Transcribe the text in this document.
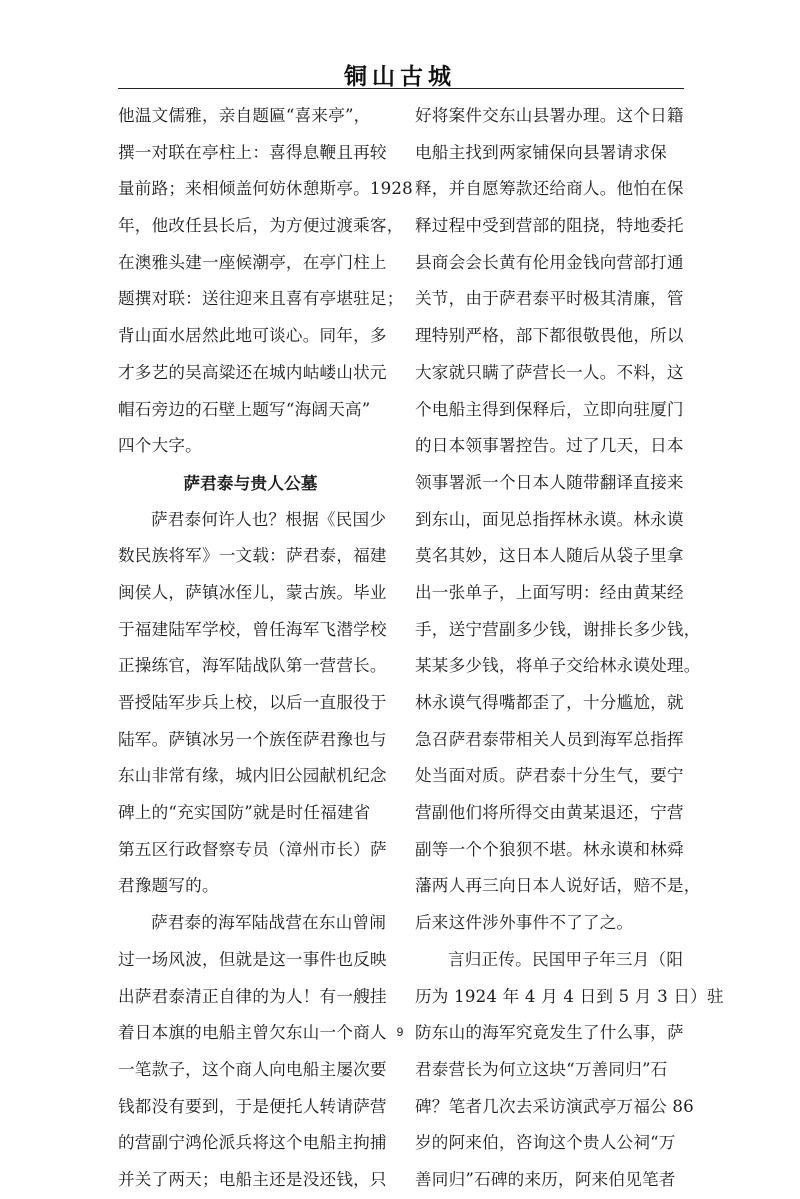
铜山古城
他温文儒雅，亲自题匾“喜来亭”，
撰一对联在亭柱上：喜得息鞭且再较
量前路；来相倾盖何妨休憩斯亭。1928
年，他改任县长后，为方便过渡乘客，
在澳雅头建一座候潮亭，在亭门柱上
题撰对联：送往迎来且喜有亭堪驻足；
背山面水居然此地可谈心。同年，多
才多艺的吴高粱还在城内岵嵝山状元
帽石旁边的石壁上题写“海阔天高”
四个大字。
萨君泰与贵人公墓
萨君泰何许人也？根据《民国少
数民族将军》一文载：萨君泰，福建
闽侯人，萨镇冰侄儿，蒙古族。毕业
于福建陆军学校，曾任海军飞潜学校
正操练官，海军陆战队第一营营长。
晋授陆军步兵上校，以后一直服役于
陆军。萨镇冰另一个族侄萨君豫也与
东山非常有缘，城内旧公园献机纪念
碑上的“充实国防”就是时任福建省
第五区行政督察专员（漳州市长）萨
君豫题写的。
萨君泰的海军陆战营在东山曾闹
过一场风波，但就是这一事件也反映
出萨君泰清正自律的为人！有一艘挂
着日本旗的电船主曾欠东山一个商人
一笔款子，这个商人向电船主屡次要
钱都没有要到，于是便托人转请萨营
的营副宁鸿伦派兵将这个电船主拘捕
并关了两天；电船主还是没还钱，只
好将案件交东山县署办理。这个日籍
电船主找到两家铺保向县署请求保
释，并自愿筹款还给商人。他怕在保
释过程中受到营部的阻挠，特地委托
县商会会长黄有伦用金钱向营部打通
关节，由于萨君泰平时极其清廉，管
理特别严格，部下都很敬畏他，所以
大家就只瞒了萨营长一人。不料，这
个电船主得到保释后，立即向驻厦门
的日本领事署控告。过了几天，日本
领事署派一个日本人随带翻译直接来
到东山，面见总指挥林永谟。林永谟
莫名其妙，这日本人随后从袋子里拿
出一张单子，上面写明：经由黄某经
手，送宁营副多少钱，谢排长多少钱，
某某多少钱，将单子交给林永谟处理。
林永谟气得嘴都歪了，十分尴尬，就
急召萨君泰带相关人员到海军总指挥
处当面对质。萨君泰十分生气，要宁
营副他们将所得交由黄某退还，宁营
副等一个个狼狈不堪。林永谟和林舜
藩两人再三向日本人说好话，赔不是，
后来这件涉外事件不了了之。
言归正传。民国甲子年三月（阳
历为 1924 年 4 月 4 日到 5 月 3 日）驻
防东山的海军究竟发生了什么事，萨
君泰营长为何立这块“万善同归”石
碑？笔者几次去采访演武亭万福公 86
岁的阿来伯，咨询这个贵人公祠“万
善同归”石碑的来历，阿来伯见笔者
9
